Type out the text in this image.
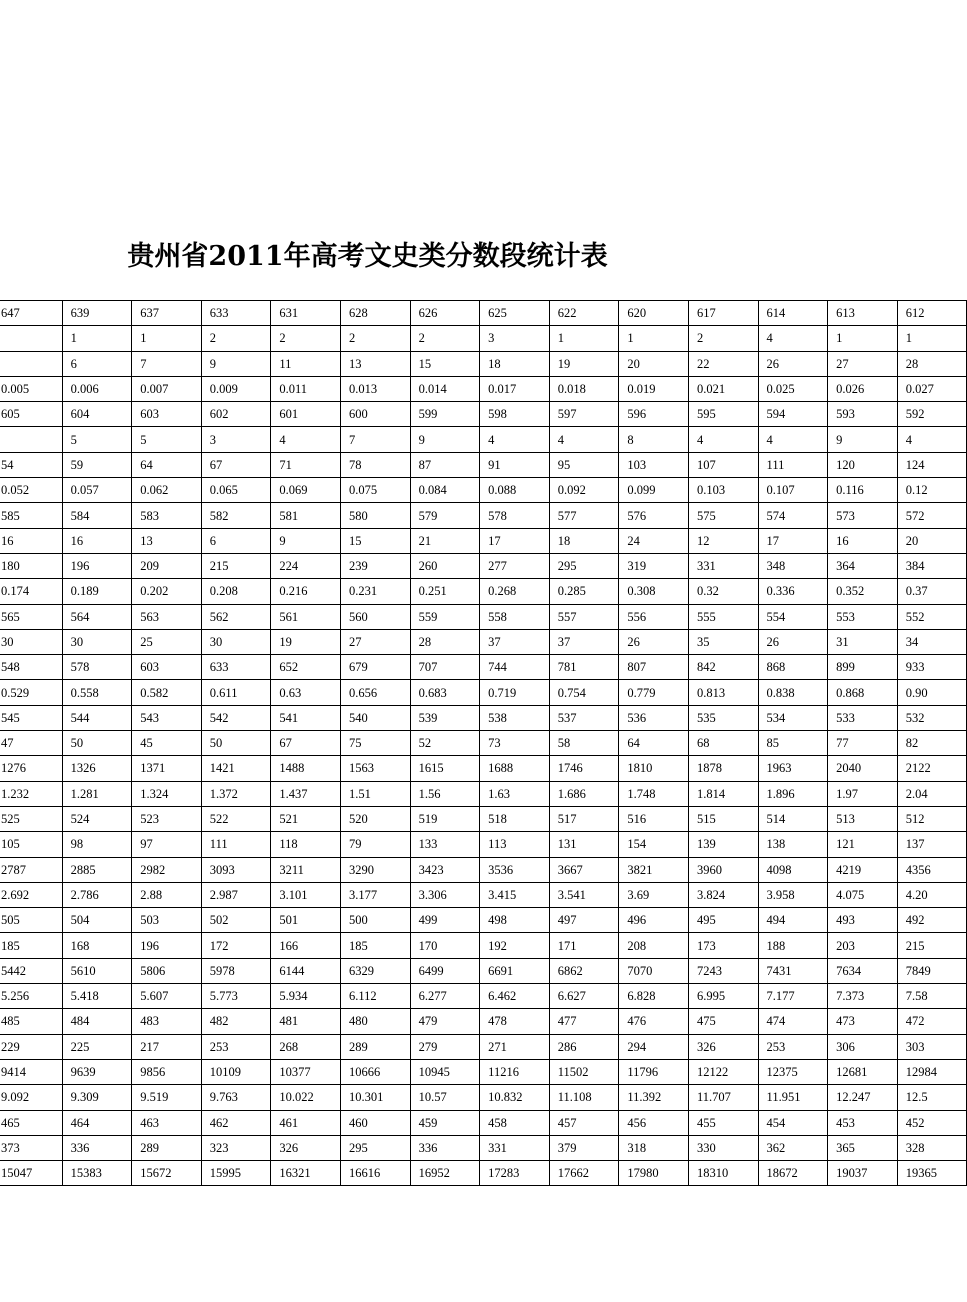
贵州省2011年高考文史类分数段统计表
647	639	637	633	631	628	626	625	622	620	617	614	613	612
	1	1	2	2	2	2	3	1	1	2	4	1	1
	6	7	9	11	13	15	18	19	20	22	26	27	28
0.005	0.006	0.007	0.009	0.011	0.013	0.014	0.017	0.018	0.019	0.021	0.025	0.026	0.027
605	604	603	602	601	600	599	598	597	596	595	594	593	592
	5	5	3	4	7	9	4	4	8	4	4	9	4
54	59	64	67	71	78	87	91	95	103	107	111	120	124
0.052	0.057	0.062	0.065	0.069	0.075	0.084	0.088	0.092	0.099	0.103	0.107	0.116	0.12
585	584	583	582	581	580	579	578	577	576	575	574	573	572
16	16	13	6	9	15	21	17	18	24	12	17	16	20
180	196	209	215	224	239	260	277	295	319	331	348	364	384
0.174	0.189	0.202	0.208	0.216	0.231	0.251	0.268	0.285	0.308	0.32	0.336	0.352	0.37
565	564	563	562	561	560	559	558	557	556	555	554	553	552
30	30	25	30	19	27	28	37	37	26	35	26	31	34
548	578	603	633	652	679	707	744	781	807	842	868	899	933
0.529	0.558	0.582	0.611	0.63	0.656	0.683	0.719	0.754	0.779	0.813	0.838	0.868	0.90
545	544	543	542	541	540	539	538	537	536	535	534	533	532
47	50	45	50	67	75	52	73	58	64	68	85	77	82
1276	1326	1371	1421	1488	1563	1615	1688	1746	1810	1878	1963	2040	2122
1.232	1.281	1.324	1.372	1.437	1.51	1.56	1.63	1.686	1.748	1.814	1.896	1.97	2.04
525	524	523	522	521	520	519	518	517	516	515	514	513	512
105	98	97	111	118	79	133	113	131	154	139	138	121	137
2787	2885	2982	3093	3211	3290	3423	3536	3667	3821	3960	4098	4219	4356
2.692	2.786	2.88	2.987	3.101	3.177	3.306	3.415	3.541	3.69	3.824	3.958	4.075	4.20
505	504	503	502	501	500	499	498	497	496	495	494	493	492
185	168	196	172	166	185	170	192	171	208	173	188	203	215
5442	5610	5806	5978	6144	6329	6499	6691	6862	7070	7243	7431	7634	7849
5.256	5.418	5.607	5.773	5.934	6.112	6.277	6.462	6.627	6.828	6.995	7.177	7.373	7.58
485	484	483	482	481	480	479	478	477	476	475	474	473	472
229	225	217	253	268	289	279	271	286	294	326	253	306	303
9414	9639	9856	10109	10377	10666	10945	11216	11502	11796	12122	12375	12681	12984
9.092	9.309	9.519	9.763	10.022	10.301	10.57	10.832	11.108	11.392	11.707	11.951	12.247	12.5
465	464	463	462	461	460	459	458	457	456	455	454	453	452
373	336	289	323	326	295	336	331	379	318	330	362	365	328
15047	15383	15672	15995	16321	16616	16952	17283	17662	17980	18310	18672	19037	19365
